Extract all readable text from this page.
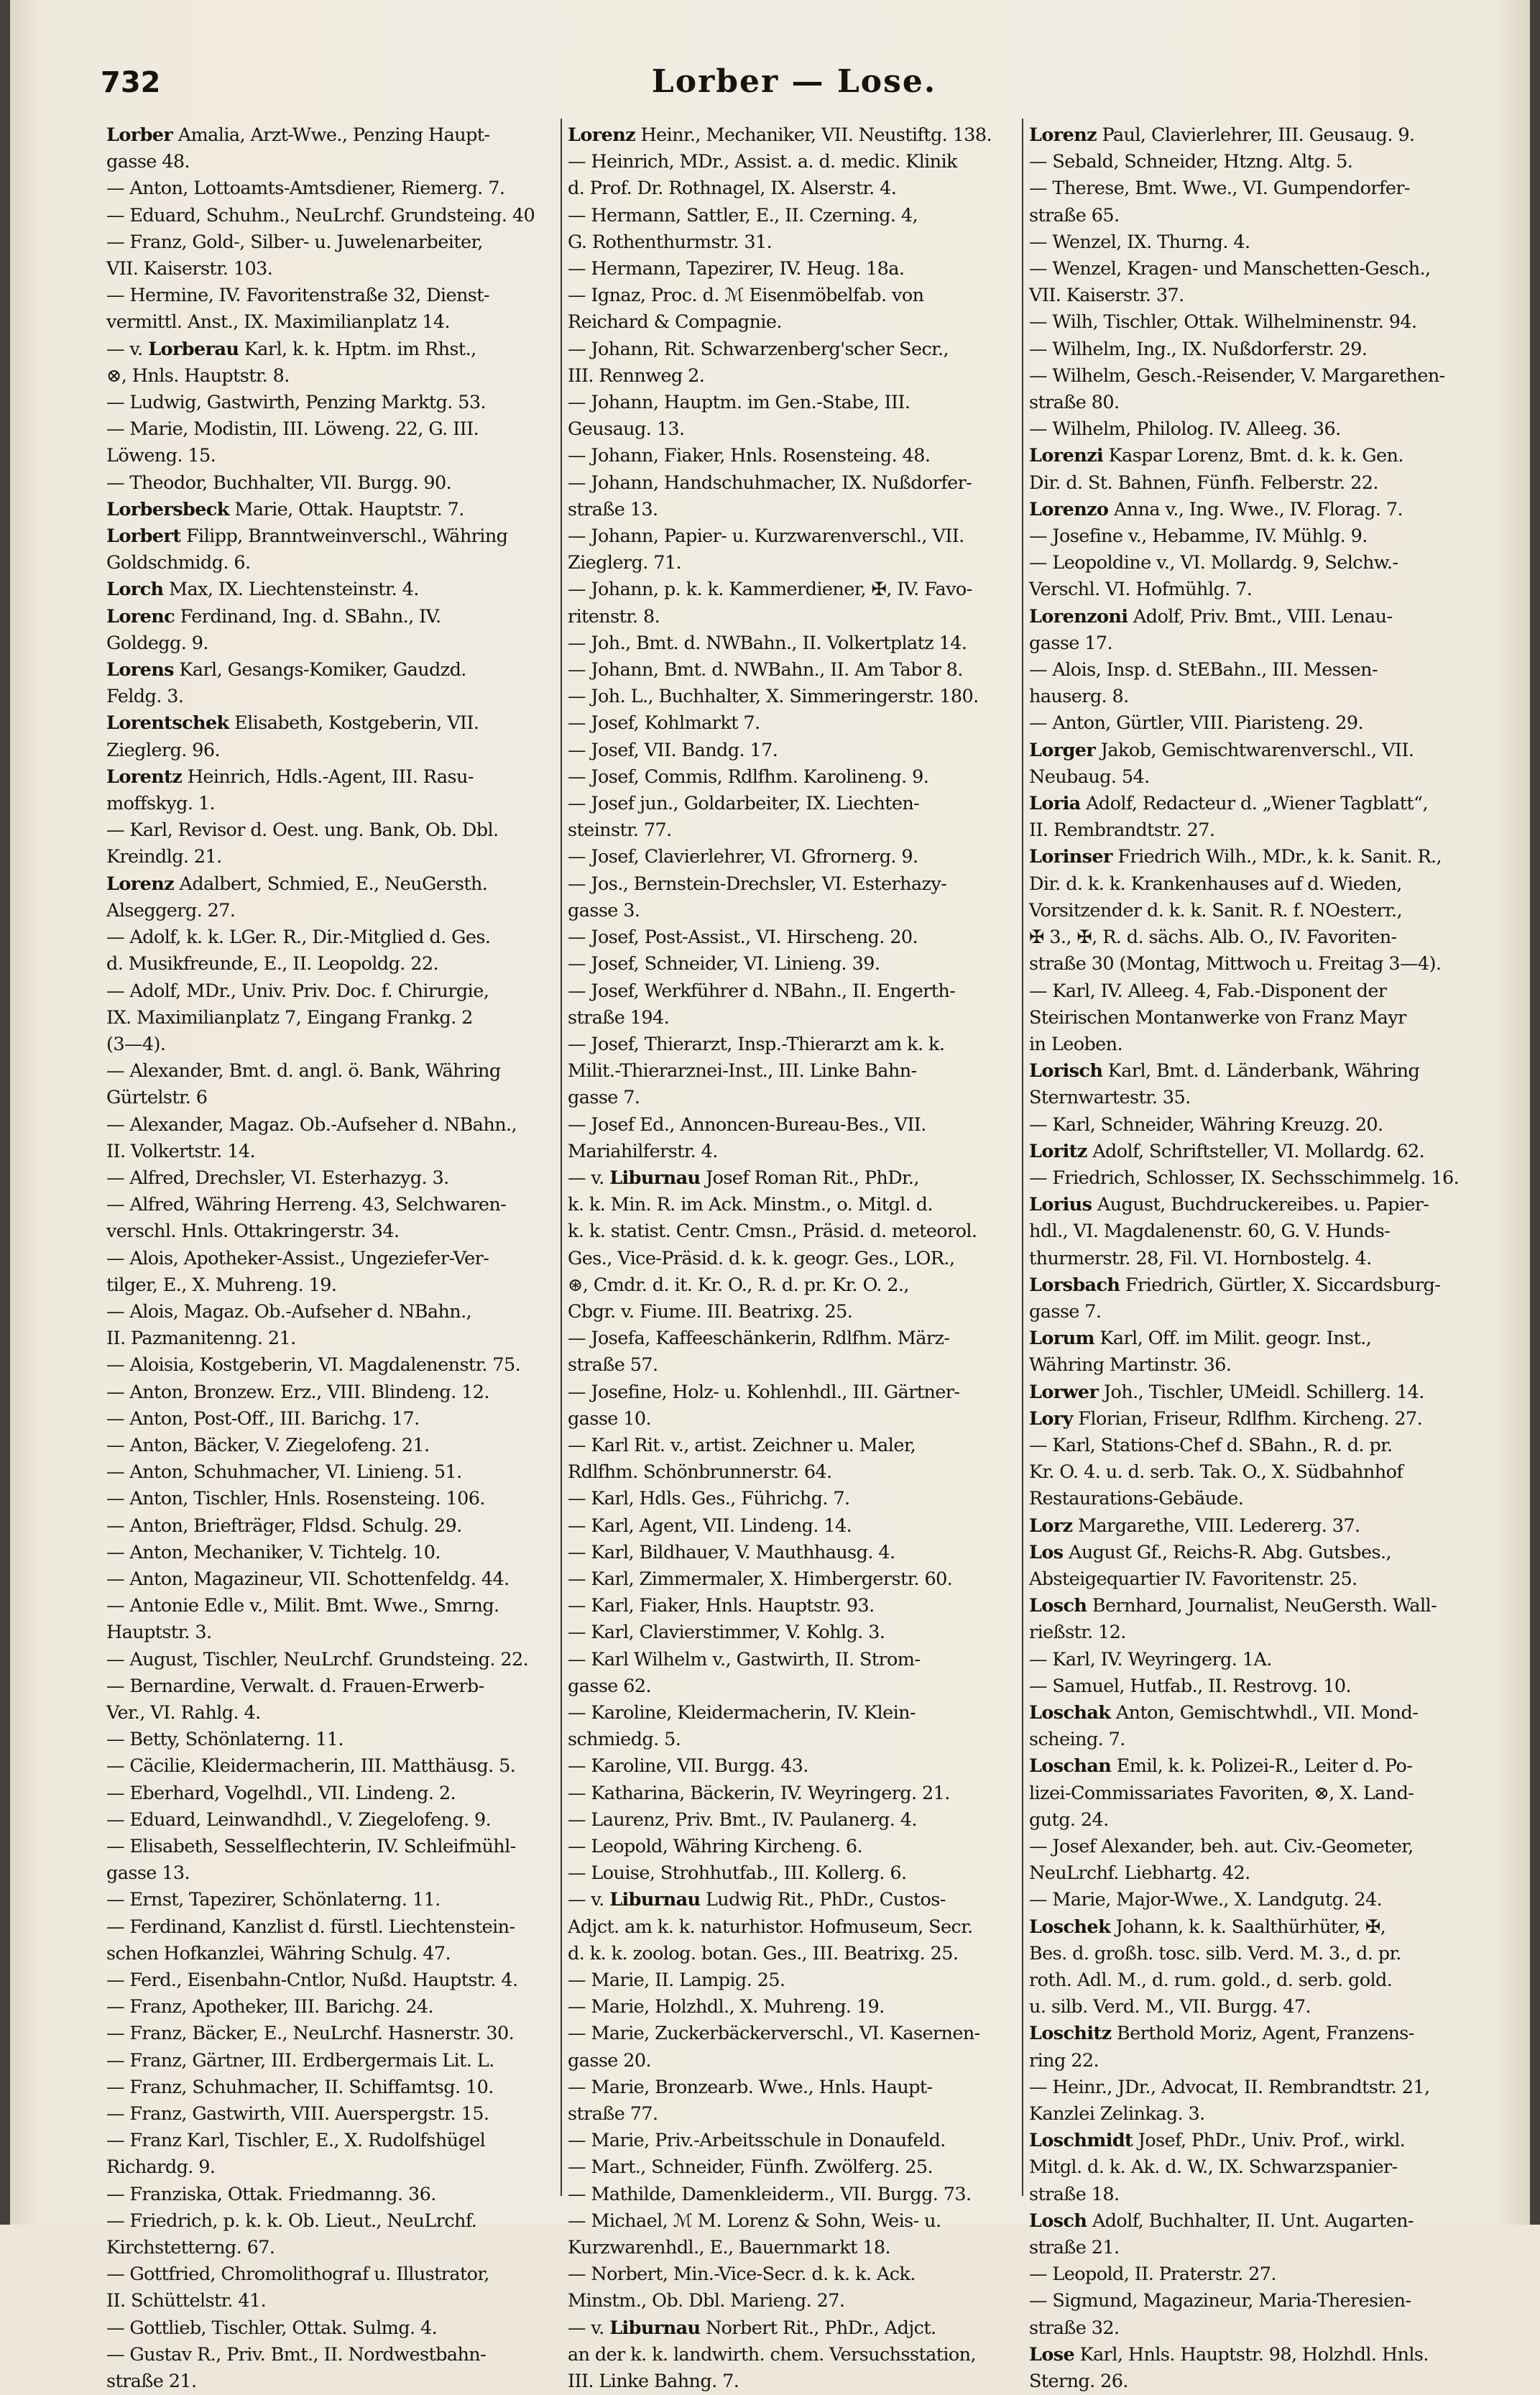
732	Lorber — Lose.
Lorber Amalia, Arzt-Wwe., Penzing Haupt-
gasse 48.
— Anton, Lottoamts-Amtsdiener, Riemerg. 7.
— Eduard, Schuhm., NeuLrchf. Grundsteing. 40
— Franz, Gold-, Silber- u. Juwelenarbeiter,
VII. Kaiserstr. 103.
— Hermine, IV. Favoritenstraße 32, Dienst-
vermittl. Anst., IX. Maximilianplatz 14.
— v. Lorberau Karl, k. k. Hptm. im Rhst.,
⊗, Hnls. Hauptstr. 8.
— Ludwig, Gastwirth, Penzing Marktg. 53.
— Marie, Modistin, III. Löweng. 22, G. III.
Löweng. 15.
— Theodor, Buchhalter, VII. Burgg. 90.
Lorbersbeck Marie, Ottak. Hauptstr. 7.
Lorbert Filipp, Branntweinverschl., Währing
Goldschmidg. 6.
Lorch Max, IX. Liechtensteinstr. 4.
Lorenc Ferdinand, Ing. d. SBahn., IV.
Goldegg. 9.
Lorens Karl, Gesangs-Komiker, Gaudzd.
Feldg. 3.
Lorentschek Elisabeth, Kostgeberin, VII.
Zieglerg. 96.
Lorentz Heinrich, Hdls.-Agent, III. Rasu-
moffskyg. 1.
— Karl, Revisor d. Oest. ung. Bank, Ob. Dbl.
Kreindlg. 21.
Lorenz Adalbert, Schmied, E., NeuGersth.
Alseggerg. 27.
— Adolf, k. k. LGer. R., Dir.-Mitglied d. Ges.
d. Musikfreunde, E., II. Leopoldg. 22.
— Adolf, MDr., Univ. Priv. Doc. f. Chirurgie,
IX. Maximilianplatz 7, Eingang Frankg. 2
(3—4).
— Alexander, Bmt. d. angl. ö. Bank, Währing
Gürtelstr. 6
— Alexander, Magaz. Ob.-Aufseher d. NBahn.,
II. Volkertstr. 14.
— Alfred, Drechsler, VI. Esterhazyg. 3.
— Alfred, Währing Herreng. 43, Selchwaren-
verschl. Hnls. Ottakringerstr. 34.
— Alois, Apotheker-Assist., Ungeziefer-Ver-
tilger, E., X. Muhreng. 19.
— Alois, Magaz. Ob.-Aufseher d. NBahn.,
II. Pazmanitenng. 21.
— Aloisia, Kostgeberin, VI. Magdalenenstr. 75.
— Anton, Bronzew. Erz., VIII. Blindeng. 12.
— Anton, Post-Off., III. Barichg. 17.
— Anton, Bäcker, V. Ziegelofeng. 21.
— Anton, Schuhmacher, VI. Linieng. 51.
— Anton, Tischler, Hnls. Rosensteing. 106.
— Anton, Briefträger, Fldsd. Schulg. 29.
— Anton, Mechaniker, V. Tichtelg. 10.
— Anton, Magazineur, VII. Schottenfeldg. 44.
— Antonie Edle v., Milit. Bmt. Wwe., Smrng.
Hauptstr. 3.
— August, Tischler, NeuLrchf. Grundsteing. 22.
— Bernardine, Verwalt. d. Frauen-Erwerb-
Ver., VI. Rahlg. 4.
— Betty, Schönlaterng. 11.
— Cäcilie, Kleidermacherin, III. Matthäusg. 5.
— Eberhard, Vogelhdl., VII. Lindeng. 2.
— Eduard, Leinwandhdl., V. Ziegelofeng. 9.
— Elisabeth, Sesselflechterin, IV. Schleifmühl-
gasse 13.
— Ernst, Tapezirer, Schönlaterng. 11.
— Ferdinand, Kanzlist d. fürstl. Liechtenstein-
schen Hofkanzlei, Währing Schulg. 47.
— Ferd., Eisenbahn-Cntlor, Nußd. Hauptstr. 4.
— Franz, Apotheker, III. Barichg. 24.
— Franz, Bäcker, E., NeuLrchf. Hasnerstr. 30.
— Franz, Gärtner, III. Erdbergermais Lit. L.
— Franz, Schuhmacher, II. Schiffamtsg. 10.
— Franz, Gastwirth, VIII. Auerspergstr. 15.
— Franz Karl, Tischler, E., X. Rudolfshügel
Richardg. 9.
— Franziska, Ottak. Friedmanng. 36.
— Friedrich, p. k. k. Ob. Lieut., NeuLrchf.
Kirchstetterng. 67.
— Gottfried, Chromolithograf u. Illustrator,
II. Schüttelstr. 41.
— Gottlieb, Tischler, Ottak. Sulmg. 4.
— Gustav R., Priv. Bmt., II. Nordwestbahn-
straße 21.
Lorenz Heinr., Mechaniker, VII. Neustiftg. 138.
— Heinrich, MDr., Assist. a. d. medic. Klinik
d. Prof. Dr. Rothnagel, IX. Alserstr. 4.
— Hermann, Sattler, E., II. Czerning. 4,
G. Rothenthurmstr. 31.
— Hermann, Tapezirer, IV. Heug. 18a.
— Ignaz, Proc. d. ℳ Eisenmöbelfab. von
Reichard & Compagnie.
— Johann, Rit. Schwarzenberg'scher Secr.,
III. Rennweg 2.
— Johann, Hauptm. im Gen.-Stabe, III.
Geusaug. 13.
— Johann, Fiaker, Hnls. Rosensteing. 48.
— Johann, Handschuhmacher, IX. Nußdorfer-
straße 13.
— Johann, Papier- u. Kurzwarenverschl., VII.
Zieglerg. 71.
— Johann, p. k. k. Kammerdiener, ✠, IV. Favo-
ritenstr. 8.
— Joh., Bmt. d. NWBahn., II. Volkertplatz 14.
— Johann, Bmt. d. NWBahn., II. Am Tabor 8.
— Joh. L., Buchhalter, X. Simmeringerstr. 180.
— Josef, Kohlmarkt 7.
— Josef, VII. Bandg. 17.
— Josef, Commis, Rdlfhm. Karolineng. 9.
— Josef jun., Goldarbeiter, IX. Liechten-
steinstr. 77.
— Josef, Clavierlehrer, VI. Gfrornerg. 9.
— Jos., Bernstein-Drechsler, VI. Esterhazy-
gasse 3.
— Josef, Post-Assist., VI. Hirscheng. 20.
— Josef, Schneider, VI. Linieng. 39.
— Josef, Werkführer d. NBahn., II. Engerth-
straße 194.
— Josef, Thierarzt, Insp.-Thierarzt am k. k.
Milit.-Thierarznei-Inst., III. Linke Bahn-
gasse 7.
— Josef Ed., Annoncen-Bureau-Bes., VII.
Mariahilferstr. 4.
— v. Liburnau Josef Roman Rit., PhDr.,
k. k. Min. R. im Ack. Minstm., o. Mitgl. d.
k. k. statist. Centr. Cmsn., Präsid. d. meteorol.
Ges., Vice-Präsid. d. k. k. geogr. Ges., LOR.,
⊛, Cmdr. d. it. Kr. O., R. d. pr. Kr. O. 2.,
Cbgr. v. Fiume. III. Beatrixg. 25.
— Josefa, Kaffeeschänkerin, Rdlfhm. März-
straße 57.
— Josefine, Holz- u. Kohlenhdl., III. Gärtner-
gasse 10.
— Karl Rit. v., artist. Zeichner u. Maler,
Rdlfhm. Schönbrunnerstr. 64.
— Karl, Hdls. Ges., Führichg. 7.
— Karl, Agent, VII. Lindeng. 14.
— Karl, Bildhauer, V. Mauthhausg. 4.
— Karl, Zimmermaler, X. Himbergerstr. 60.
— Karl, Fiaker, Hnls. Hauptstr. 93.
— Karl, Clavierstimmer, V. Kohlg. 3.
— Karl Wilhelm v., Gastwirth, II. Strom-
gasse 62.
— Karoline, Kleidermacherin, IV. Klein-
schmiedg. 5.
— Karoline, VII. Burgg. 43.
— Katharina, Bäckerin, IV. Weyringerg. 21.
— Laurenz, Priv. Bmt., IV. Paulanerg. 4.
— Leopold, Währing Kircheng. 6.
— Louise, Strohhutfab., III. Kollerg. 6.
— v. Liburnau Ludwig Rit., PhDr., Custos-
Adjct. am k. k. naturhistor. Hofmuseum, Secr.
d. k. k. zoolog. botan. Ges., III. Beatrixg. 25.
— Marie, II. Lampig. 25.
— Marie, Holzhdl., X. Muhreng. 19.
— Marie, Zuckerbäckerverschl., VI. Kasernen-
gasse 20.
— Marie, Bronzearb. Wwe., Hnls. Haupt-
straße 77.
— Marie, Priv.-Arbeitsschule in Donaufeld.
— Mart., Schneider, Fünfh. Zwölferg. 25.
— Mathilde, Damenkleiderm., VII. Burgg. 73.
— Michael, ℳ M. Lorenz & Sohn, Weis- u.
Kurzwarenhdl., E., Bauernmarkt 18.
— Norbert, Min.-Vice-Secr. d. k. k. Ack.
Minstm., Ob. Dbl. Marieng. 27.
— v. Liburnau Norbert Rit., PhDr., Adjct.
an der k. k. landwirth. chem. Versuchsstation,
III. Linke Bahng. 7.
Lorenz Paul, Clavierlehrer, III. Geusaug. 9.
— Sebald, Schneider, Htzng. Altg. 5.
— Therese, Bmt. Wwe., VI. Gumpendorfer-
straße 65.
— Wenzel, IX. Thurng. 4.
— Wenzel, Kragen- und Manschetten-Gesch.,
VII. Kaiserstr. 37.
— Wilh, Tischler, Ottak. Wilhelminenstr. 94.
— Wilhelm, Ing., IX. Nußdorferstr. 29.
— Wilhelm, Gesch.-Reisender, V. Margarethen-
straße 80.
— Wilhelm, Philolog. IV. Alleeg. 36.
Lorenzi Kaspar Lorenz, Bmt. d. k. k. Gen.
Dir. d. St. Bahnen, Fünfh. Felberstr. 22.
Lorenzo Anna v., Ing. Wwe., IV. Florag. 7.
— Josefine v., Hebamme, IV. Mühlg. 9.
— Leopoldine v., VI. Mollardg. 9, Selchw.-
Verschl. VI. Hofmühlg. 7.
Lorenzoni Adolf, Priv. Bmt., VIII. Lenau-
gasse 17.
— Alois, Insp. d. StEBahn., III. Messen-
hauserg. 8.
— Anton, Gürtler, VIII. Piaristeng. 29.
Lorger Jakob, Gemischtwarenverschl., VII.
Neubaug. 54.
Loria Adolf, Redacteur d. „Wiener Tagblatt“,
II. Rembrandtstr. 27.
Lorinser Friedrich Wilh., MDr., k. k. Sanit. R.,
Dir. d. k. k. Krankenhauses auf d. Wieden,
Vorsitzender d. k. k. Sanit. R. f. NOesterr.,
✠ 3., ✠, R. d. sächs. Alb. O., IV. Favoriten-
straße 30 (Montag, Mittwoch u. Freitag 3—4).
— Karl, IV. Alleeg. 4, Fab.-Disponent der
Steirischen Montanwerke von Franz Mayr
in Leoben.
Lorisch Karl, Bmt. d. Länderbank, Währing
Sternwartestr. 35.
— Karl, Schneider, Währing Kreuzg. 20.
Loritz Adolf, Schriftsteller, VI. Mollardg. 62.
— Friedrich, Schlosser, IX. Sechsschimmelg. 16.
Lorius August, Buchdruckereibes. u. Papier-
hdl., VI. Magdalenenstr. 60, G. V. Hunds-
thurmerstr. 28, Fil. VI. Hornbostelg. 4.
Lorsbach Friedrich, Gürtler, X. Siccardsburg-
gasse 7.
Lorum Karl, Off. im Milit. geogr. Inst.,
Währing Martinstr. 36.
Lorwer Joh., Tischler, UMeidl. Schillerg. 14.
Lory Florian, Friseur, Rdlfhm. Kircheng. 27.
— Karl, Stations-Chef d. SBahn., R. d. pr.
Kr. O. 4. u. d. serb. Tak. O., X. Südbahnhof
Restaurations-Gebäude.
Lorz Margarethe, VIII. Ledererg. 37.
Los August Gf., Reichs-R. Abg. Gutsbes.,
Absteigequartier IV. Favoritenstr. 25.
Losch Bernhard, Journalist, NeuGersth. Wall-
rießstr. 12.
— Karl, IV. Weyringerg. 1A.
— Samuel, Hutfab., II. Restrovg. 10.
Loschak Anton, Gemischtwhdl., VII. Mond-
scheing. 7.
Loschan Emil, k. k. Polizei-R., Leiter d. Po-
lizei-Commissariates Favoriten, ⊗, X. Land-
gutg. 24.
— Josef Alexander, beh. aut. Civ.-Geometer,
NeuLrchf. Liebhartg. 42.
— Marie, Major-Wwe., X. Landgutg. 24.
Loschek Johann, k. k. Saalthürhüter, ✠,
Bes. d. großh. tosc. silb. Verd. M. 3., d. pr.
roth. Adl. M., d. rum. gold., d. serb. gold.
u. silb. Verd. M., VII. Burgg. 47.
Loschitz Berthold Moriz, Agent, Franzens-
ring 22.
— Heinr., JDr., Advocat, II. Rembrandtstr. 21,
Kanzlei Zelinkag. 3.
Loschmidt Josef, PhDr., Univ. Prof., wirkl.
Mitgl. d. k. Ak. d. W., IX. Schwarzspanier-
straße 18.
Losch Adolf, Buchhalter, II. Unt. Augarten-
straße 21.
— Leopold, II. Praterstr. 27.
— Sigmund, Magazineur, Maria-Theresien-
straße 32.
Lose Karl, Hnls. Hauptstr. 98, Holzhdl. Hnls.
Sterng. 26.
